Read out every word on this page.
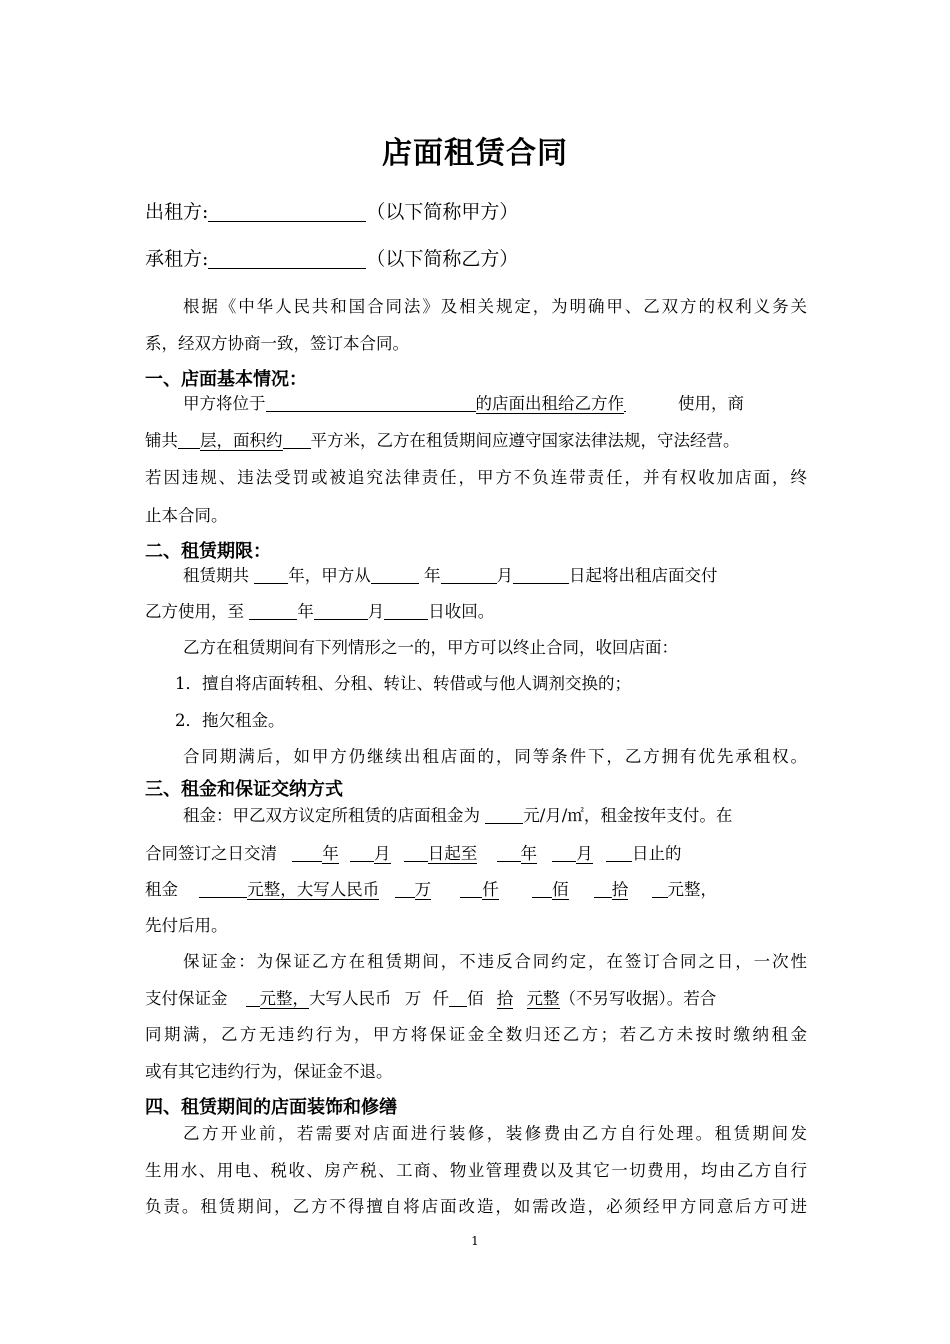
店面租赁合同
出租方:	（以下简称甲方）
承租方:	（以下简称乙方）
根据《中华人民共和国合同法》及相关规定，为明确甲、乙双方的权利义务关
系，经双方协商一致，签订本合同。
一、店面基本情况：
甲方将位于	的店面出租给乙方作	使用，商
铺共 层，面积约 平方米，乙方在租赁期间应遵守国家法律法规，守法经营。
若因违规、违法受罚或被追究法律责任，甲方不负连带责任，并有权收加店面，终
止本合同。
二、租赁期限：
租赁期共 年，甲方从	年	月	日起将出租店面交付
乙方使用，至	年	月	日收回。
乙方在租赁期间有下列情形之一的，甲方可以终止合同，收回店面：
1．擅自将店面转租、分租、转让、转借或与他人调剂交换的；
2．拖欠租金。
合同期满后，如甲方仍继续出租店面的，同等条件下，乙方拥有优先承租权。
三、租金和保证交纳方式
租金：甲乙双方议定所租赁的店面租金为	元/月/㎡，租金按年支付。在
合同签订之日交清	年 月 日起至	年 月 日止的
租金	元整，大写人民币 万	仟	佰	拾 元整，
先付后用。
保证金：为保证乙方在租赁期间，不违反合同约定，在签订合同之日，一次性
支付保证金 元整，大写人民币 万 仟 佰 拾 元整（不另写收据）。若合
同期满，乙方无违约行为，甲方将保证金全数归还乙方；若乙方未按时缴纳租金
或有其它违约行为，保证金不退。
四、租赁期间的店面装饰和修缮
乙方开业前，若需要对店面进行装修，装修费由乙方自行处理。租赁期间发
生用水、用电、税收、房产税、工商、物业管理费以及其它一切费用，均由乙方自行
负责。租赁期间，乙方不得擅自将店面改造，如需改造，必须经甲方同意后方可进
1
